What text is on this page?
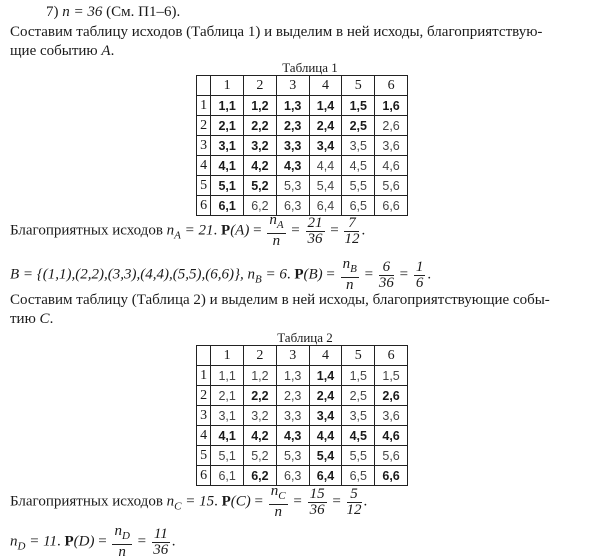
7) n = 36 (См. П1–6).
Составим таблицу исходов (Таблица 1) и выделим в ней исходы, благоприятствую-
щие событию A.
Таблица 1
	1	2	3	4	5	6
1	1,1	1,2	1,3	1,4	1,5	1,6
2	2,1	2,2	2,3	2,4	2,5	2,6
3	3,1	3,2	3,3	3,4	3,5	3,6
4	4,1	4,2	4,3	4,4	4,5	4,6
5	5,1	5,2	5,3	5,4	5,5	5,6
6	6,1	6,2	6,3	6,4	6,5	6,6
Благоприятных исходов $n_A = 21$. $P(A) = \frac{n_A}{n} = \frac{21}{36} = \frac{7}{12}$ .
B = {(1,1),(2,2),(3,3),(4,4),(5,5),(6,6)}, $n_B = 6$. $P(B) = \frac{n_B}{n} = \frac{6}{36} = \frac{1}{6}$ .
Составим таблицу (Таблица 2) и выделим в ней исходы, благоприятствующие собы-
тию C.
Таблица 2
	1	2	3	4	5	6
1	1,1	1,2	1,3	1,4	1,5	1,5
2	2,1	2,2	2,3	2,4	2,5	2,6
3	3,1	3,2	3,3	3,4	3,5	3,6
4	4,1	4,2	4,3	4,4	4,5	4,6
5	5,1	5,2	5,3	5,4	5,5	5,6
6	6,1	6,2	6,3	6,4	6,5	6,6
Благоприятных исходов $n_C = 15$. $P(C) = \frac{n_C}{n} = \frac{15}{36} = \frac{5}{12}$ .
$n_D = 11$. $P(D) = \frac{n_D}{n} = \frac{11}{36}$ .
